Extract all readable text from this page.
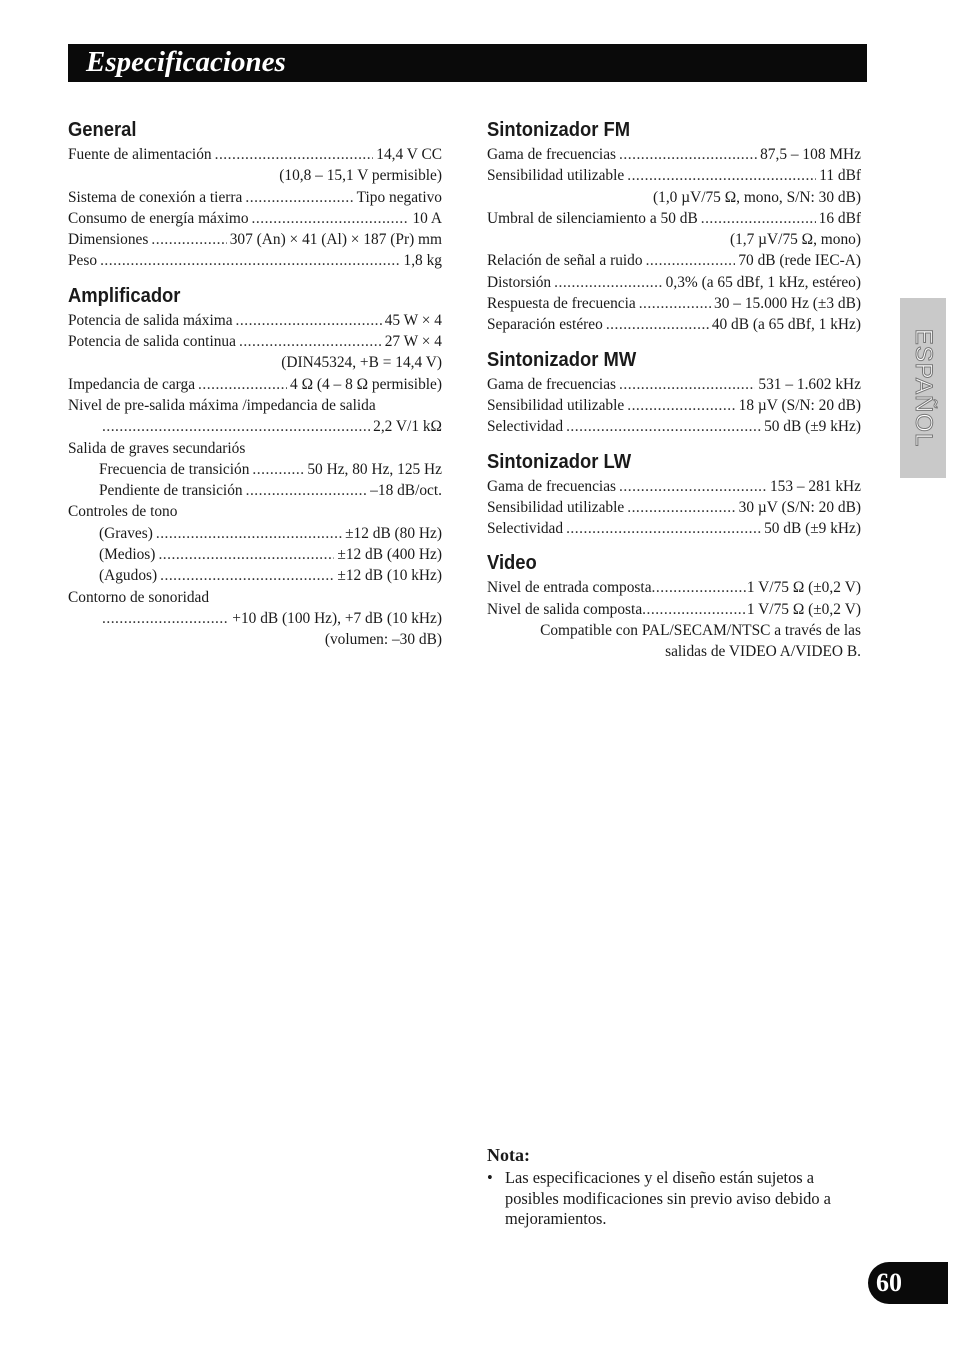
Especificaciones
General
Fuente de alimentación .....	14,4 V CC
(10,8 – 15,1 V permisible)
Sistema de conexión a tierra .....	Tipo negativo
Consumo de energía máximo .....	10 A
Dimensiones .....	307 (An) × 41 (Al) × 187 (Pr) mm
Peso .....	1,8 kg
Amplificador
Potencia de salida máxima .....	45 W × 4
Potencia de salida continua .....	27 W × 4
(DIN45324, +B = 14,4 V)
Impedancia de carga .....	4 Ω (4 – 8 Ω permisible)
Nivel de pre-salida máxima /impedancia de salida
.....
2,2 V/1 kΩ
Salida de graves secundariós
Frecuencia de transición .....	50 Hz, 80 Hz, 125 Hz
Pendiente de transición .....	–18 dB/oct.
Controles de tono
(Graves) .....	±12 dB (80 Hz)
(Medios) .....	±12 dB (400 Hz)
(Agudos) .....	±12 dB (10 kHz)
Contorno de sonoridad
.....
+10 dB (100 Hz), +7 dB (10 kHz)
(volumen: –30 dB)
Sintonizador FM
Gama de frecuencias .....	87,5 – 108 MHz
Sensibilidad utilizable .....	11 dBf
(1,0 µV/75 Ω, mono, S/N: 30 dB)
Umbral de silenciamiento a 50 dB .....	16 dBf
(1,7 µV/75 Ω, mono)
Relación de señal a ruido .....	70 dB (rede IEC-A)
Distorsión .....	0,3% (a 65 dBf, 1 kHz, estéreo)
Respuesta de frecuencia .....	30 – 15.000 Hz (±3 dB)
Separación estéreo .....	40 dB (a 65 dBf, 1 kHz)
Sintonizador MW
Gama de frecuencias .....	531 – 1.602 kHz
Sensibilidad utilizable .....	18 µV (S/N: 20 dB)
Selectividad .....	50 dB (±9 kHz)
Sintonizador LW
Gama de frecuencias .....	153 – 281 kHz
Sensibilidad utilizable .....	30 µV (S/N: 20 dB)
Selectividad .....	50 dB (±9 kHz)
Video
Nivel de entrada composta .....	1 V/75 Ω (±0,2 V)
Nivel de salida composta .....	1 V/75 Ω (±0,2 V)
Compatible con PAL/SECAM/NTSC a través de las
salidas de VIDEO A/VIDEO B.
ESPAÑOL
Nota:
• Las especificaciones y el diseño están sujetos a posibles modificaciones sin previo aviso debido a mejoramientos.
60
